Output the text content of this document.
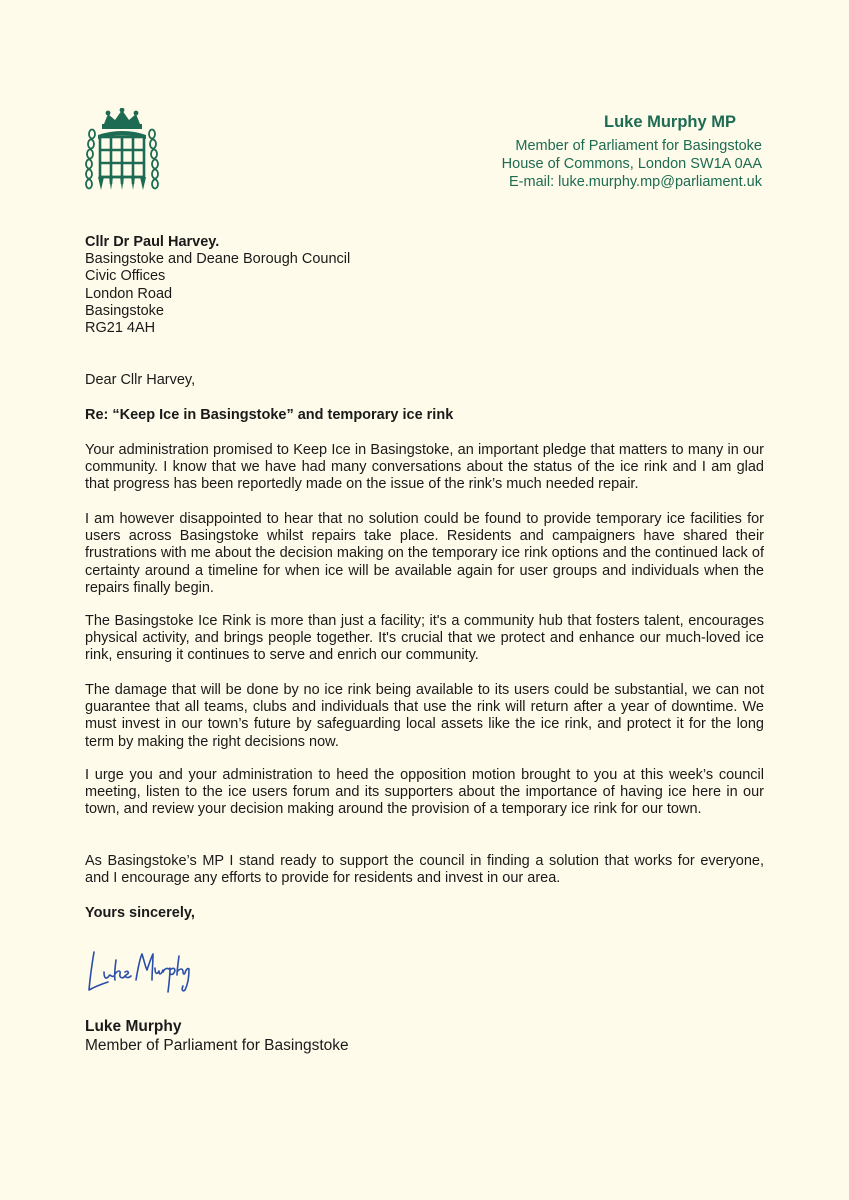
Luke Murphy MP
Member of Parliament for Basingstoke
House of Commons, London SW1A 0AA
E-mail: luke.murphy.mp@parliament.uk
Cllr Dr Paul Harvey.
Basingstoke and Deane Borough Council
Civic Offices
London Road
Basingstoke
RG21 4AH
Dear Cllr Harvey,
Re: “Keep Ice in Basingstoke” and temporary ice rink
Your administration promised to Keep Ice in Basingstoke, an important pledge that matters to many in our community. I know that we have had many conversations about the status of the ice rink and I am glad that progress has been reportedly made on the issue of the rink’s much needed repair.
I am however disappointed to hear that no solution could be found to provide temporary ice facilities for users across Basingstoke whilst repairs take place. Residents and campaigners have shared their frustrations with me about the decision making on the temporary ice rink options and the continued lack of certainty around a timeline for when ice will be available again for user groups and individuals when the repairs finally begin.
The Basingstoke Ice Rink is more than just a facility; it's a community hub that fosters talent, encourages physical activity, and brings people together. It's crucial that we protect and enhance our much-loved ice rink, ensuring it continues to serve and enrich our community.
The damage that will be done by no ice rink being available to its users could be substantial, we can not guarantee that all teams, clubs and individuals that use the rink will return after a year of downtime. We must invest in our town’s future by safeguarding local assets like the ice rink, and protect it for the long term by making the right decisions now.
I urge you and your administration to heed the opposition motion brought to you at this week’s council meeting, listen to the ice users forum and its supporters about the importance of having ice here in our town, and review your decision making around the provision of a temporary ice rink for our town.
As Basingstoke’s MP I stand ready to support the council in finding a solution that works for everyone, and I encourage any efforts to provide for residents and invest in our area.
Yours sincerely,
Luke Murphy
Member of Parliament for Basingstoke
